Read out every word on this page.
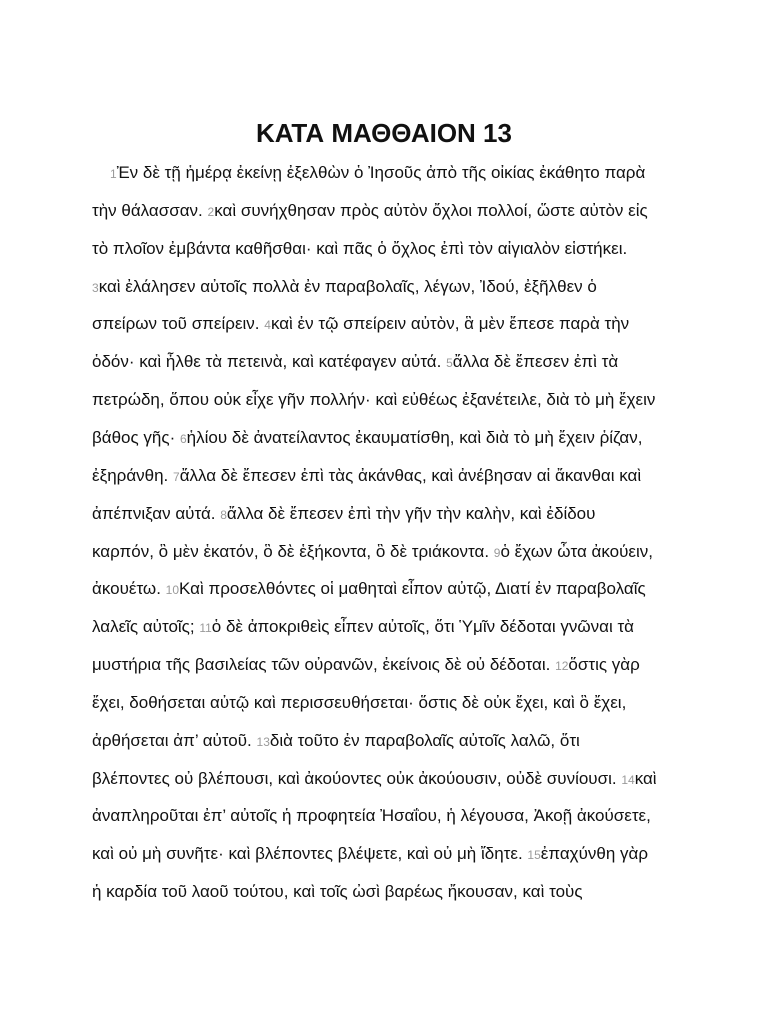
ΚΑΤΑ ΜΑΘΘΑΙΟΝ 13
1Ἐν δὲ τῇ ἡμέρᾳ ἐκείνῃ ἐξελθὼν ὁ Ἰησοῦς ἀπὸ τῆς οἰκίας ἐκάθητο παρὰ
τὴν θάλασσαν. 2καὶ συνήχθησαν πρὸς αὐτὸν ὄχλοι πολλοί, ὥστε αὐτὸν εἰς
τὸ πλοῖον ἐμβάντα καθῆσθαι· καὶ πᾶς ὁ ὄχλος ἐπὶ τὸν αἰγιαλὸν εἱστήκει.
3καὶ ἐλάλησεν αὐτοῖς πολλὰ ἐν παραβολαῖς, λέγων, Ἰδού, ἐξῆλθεν ὁ
σπείρων τοῦ σπείρειν. 4καὶ ἐν τῷ σπείρειν αὐτὸν, ἃ μὲν ἔπεσε παρὰ τὴν
ὁδόν· καὶ ἦλθε τὰ πετεινὰ, καὶ κατέφαγεν αὐτά. 5ἄλλα δὲ ἔπεσεν ἐπὶ τὰ
πετρώδη, ὅπου οὐκ εἶχε γῆν πολλήν· καὶ εὐθέως ἐξανέτειλε, διὰ τὸ μὴ ἔχειν
βάθος γῆς· 6ἡλίου δὲ ἀνατείλαντος ἐκαυματίσθη, καὶ διὰ τὸ μὴ ἔχειν ῥίζαν,
ἐξηράνθη. 7ἄλλα δὲ ἔπεσεν ἐπὶ τὰς ἀκάνθας, καὶ ἀνέβησαν αἱ ἄκανθαι καὶ
ἀπέπνιξαν αὐτά. 8ἄλλα δὲ ἔπεσεν ἐπὶ τὴν γῆν τὴν καλὴν, καὶ ἐδίδου
καρπόν, ὃ μὲν ἑκατόν, ὃ δὲ ἑξήκοντα, ὃ δὲ τριάκοντα. 9ὁ ἔχων ὦτα ἀκούειν,
ἀκουέτω. 10Καὶ προσελθόντες οἱ μαθηταὶ εἶπον αὐτῷ, Διατί ἐν παραβολαῖς
λαλεῖς αὐτοῖς; 11ὁ δὲ ἀποκριθεὶς εἶπεν αὐτοῖς, ὅτι Ὑμῖν δέδοται γνῶναι τὰ
μυστήρια τῆς βασιλείας τῶν οὐρανῶν, ἐκείνοις δὲ οὐ δέδοται. 12ὅστις γὰρ
ἔχει, δοθήσεται αὐτῷ καὶ περισσευθήσεται· ὅστις δὲ οὐκ ἔχει, καὶ ὃ ἔχει,
ἀρθήσεται ἀπ’ αὐτοῦ. 13διὰ τοῦτο ἐν παραβολαῖς αὐτοῖς λαλῶ, ὅτι
βλέποντες οὐ βλέπουσι, καὶ ἀκούοντες οὐκ ἀκούουσιν, οὐδὲ συνίουσι. 14καὶ
ἀναπληροῦται ἐπ’ αὐτοῖς ἡ προφητεία Ἠσαΐου, ἡ λέγουσα, Ἀκοῇ ἀκούσετε,
καὶ οὐ μὴ συνῆτε· καὶ βλέποντες βλέψετε, καὶ οὐ μὴ ἴδητε. 15ἐπαχύνθη γὰρ
ἡ καρδία τοῦ λαοῦ τούτου, καὶ τοῖς ὠσὶ βαρέως ἤκουσαν, καὶ τοὺς
